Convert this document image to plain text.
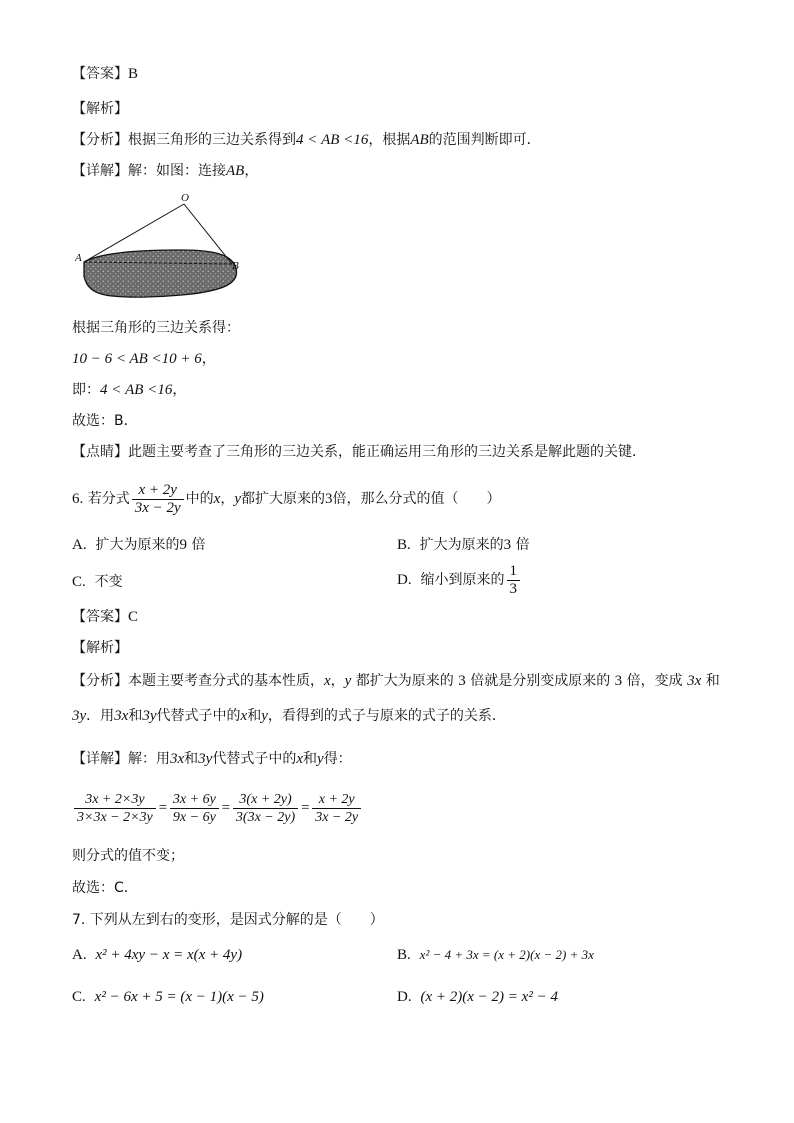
【答案】B
【解析】
【分析】根据三角形的三边关系得到4 < AB <16，根据AB的范围判断即可．
【详解】解：如图：连接AB，
O
A
B
根据三角形的三边关系得：
10 − 6 < AB <10 + 6，
即：4 < AB <16，
故选：B．
【点睛】此题主要考查了三角形的三边关系，能正确运用三角形的三边关系是解此题的关键．
6. 若分式 $\frac{x + 2y}{3x - 2y}$ 中的x，y都扩大原来的3倍，那么分式的值（　　）
A. 扩大为原来的9 倍	B. 扩大为原来的3 倍
C. 不变	D. 缩小到原来的 $\frac{1}{3}$
【答案】C
【解析】
【分析】本题主要考查分式的基本性质，x，y 都扩大为原来的 3 倍就是分别变成原来的 3 倍，变成 3x 和
3y．用3x和3y代替式子中的x和y，看得到的式子与原来的式子的关系．
【详解】解：用3x和3y代替式子中的x和y得：
$\frac{3x + 2\times 3y}{3\times 3x - 2\times 3y} = \frac{3x + 6y}{9x - 6y} = \frac{3(x + 2y)}{3(3x - 2y)} = \frac{x + 2y}{3x - 2y}$
则分式的值不变；
故选：C．
7. 下列从左到右的变形，是因式分解的是（　　）
A. x² + 4xy − x = x(x + 4y)	B. x² − 4 + 3x = (x + 2)(x − 2) + 3x
C. x² − 6x + 5 = (x − 1)(x − 5)	D. (x + 2)(x − 2) = x² − 4
